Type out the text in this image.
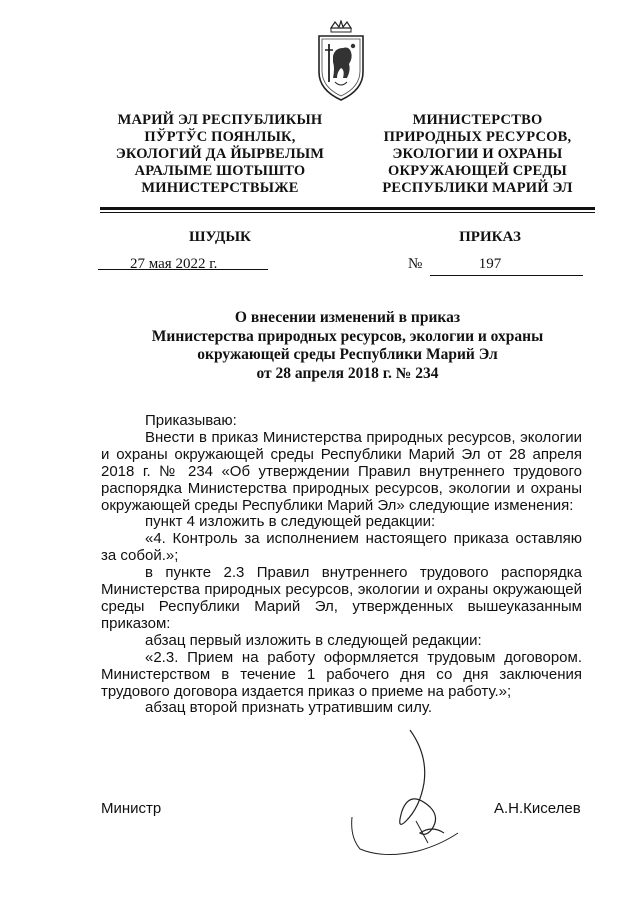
МАРИЙ ЭЛ РЕСПУБЛИКЫН
ПЎРТЎС ПОЯНЛЫК,
ЭКОЛОГИЙ ДА ЙЫРВЕЛЫМ
АРАЛЫМЕ ШОТЫШТО
МИНИСТЕРСТВЫЖЕ
МИНИСТЕРСТВО
ПРИРОДНЫХ РЕСУРСОВ,
ЭКОЛОГИИ И ОХРАНЫ
ОКРУЖАЮЩЕЙ СРЕДЫ
РЕСПУБЛИКИ МАРИЙ ЭЛ
ШУДЫК	ПРИКАЗ
27 мая 2022 г.	№	197
О внесении изменений в приказ
Министерства природных ресурсов, экологии и охраны
окружающей среды Республики Марий Эл
от 28 апреля 2018 г. № 234

Приказываю:

Внести в приказ Министерства природных ресурсов, экологии и охраны окружающей среды Республики Марий Эл от 28 апреля 2018 г. № 234 «Об утверждении Правил внутреннего трудового распорядка Министерства природных ресурсов, экологии и охраны окружающей среды Республики Марий Эл» следующие изменения:

пункт 4 изложить в следующей редакции:

«4. Контроль за исполнением настоящего приказа оставляю за собой.»;

в пункте 2.3 Правил внутреннего трудового распорядка Министерства природных ресурсов, экологии и охраны окружающей среды Республики Марий Эл, утвержденных вышеуказанным приказом:

абзац первый изложить в следующей редакции:

«2.3. Прием на работу оформляется трудовым договором. Министерством в течение 1 рабочего дня со дня заключения трудового договора издается приказ о приеме на работу.»;

абзац второй признать утратившим силу.

Министр	А.Н.Киселев
